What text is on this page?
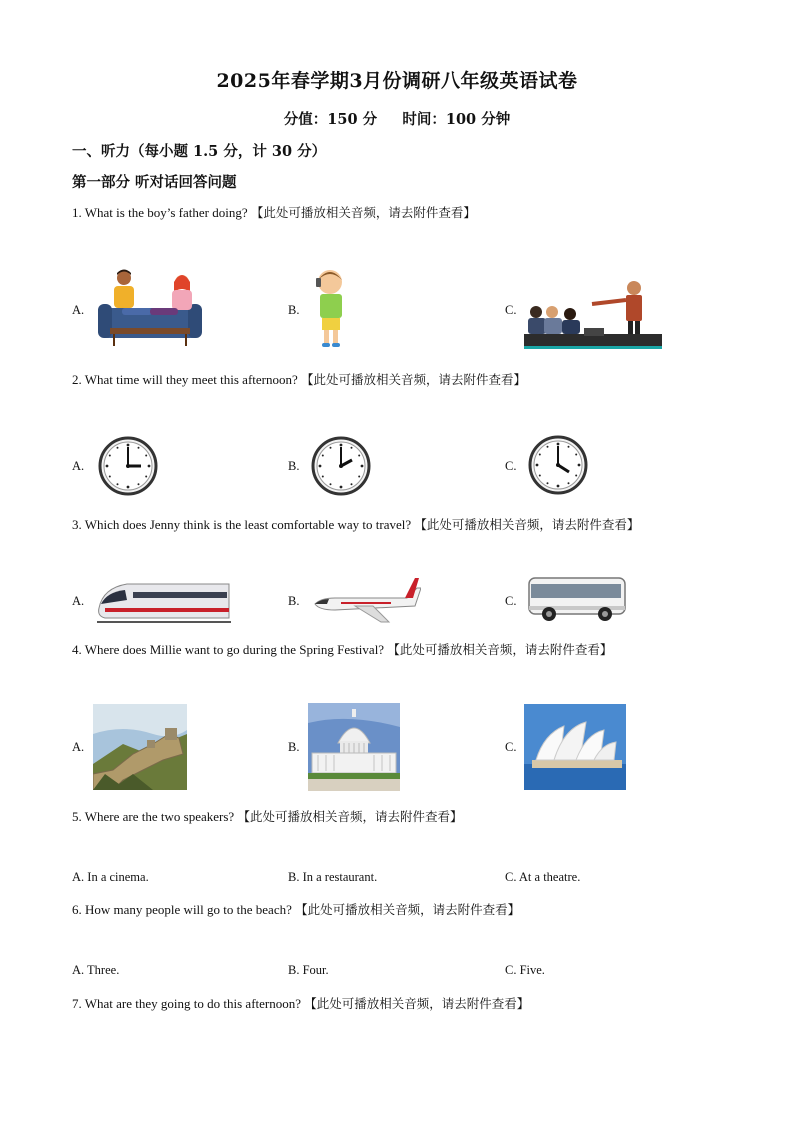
2025年春学期3月份调研八年级英语试卷
分值：150 分 时间：100 分钟
一、听力（每小题 1.5 分，计 30 分）
第一部分 听对话回答问题
1. What is the boy’s father doing? 【此处可播放相关音频，请去附件查看】
A.	B.	C.
2. What time will they meet this afternoon? 【此处可播放相关音频，请去附件查看】
A.	B.	C.
3. Which does Jenny think is the least comfortable way to travel? 【此处可播放相关音频，请去附件查看】
A.	B.	C.
4. Where does Millie want to go during the Spring Festival? 【此处可播放相关音频，请去附件查看】
A.	B.	C.
5. Where are the two speakers? 【此处可播放相关音频，请去附件查看】
A. In a cinema.	B. In a restaurant.	C. At a theatre.
6. How many people will go to the beach? 【此处可播放相关音频，请去附件查看】
A. Three.	B. Four.	C. Five.
7. What are they going to do this afternoon? 【此处可播放相关音频，请去附件查看】
